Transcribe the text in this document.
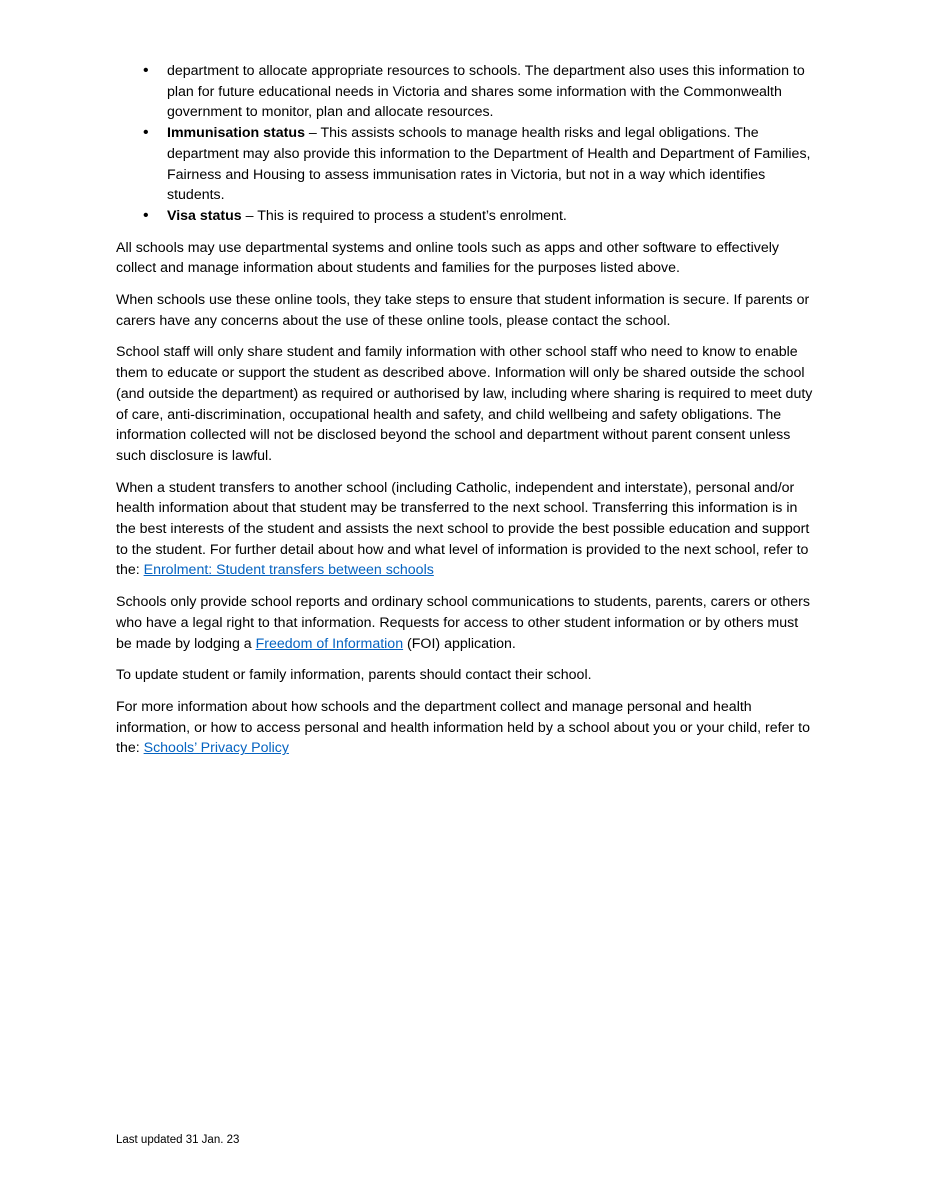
• department to allocate appropriate resources to schools. The department also uses this information to plan for future educational needs in Victoria and shares some information with the Commonwealth government to monitor, plan and allocate resources.
• Immunisation status – This assists schools to manage health risks and legal obligations. The department may also provide this information to the Department of Health and Department of Families, Fairness and Housing to assess immunisation rates in Victoria, but not in a way which identifies students.
• Visa status – This is required to process a student’s enrolment.

All schools may use departmental systems and online tools such as apps and other software to effectively collect and manage information about students and families for the purposes listed above.

When schools use these online tools, they take steps to ensure that student information is secure. If parents or carers have any concerns about the use of these online tools, please contact the school.

School staff will only share student and family information with other school staff who need to know to enable them to educate or support the student as described above. Information will only be shared outside the school (and outside the department) as required or authorised by law, including where sharing is required to meet duty of care, anti-discrimination, occupational health and safety, and child wellbeing and safety obligations. The information collected will not be disclosed beyond the school and department without parent consent unless such disclosure is lawful.

When a student transfers to another school (including Catholic, independent and interstate), personal and/or health information about that student may be transferred to the next school. Transferring this information is in the best interests of the student and assists the next school to provide the best possible education and support to the student. For further detail about how and what level of information is provided to the next school, refer to the: Enrolment: Student transfers between schools

Schools only provide school reports and ordinary school communications to students, parents, carers or others who have a legal right to that information. Requests for access to other student information or by others must be made by lodging a Freedom of Information (FOI) application.

To update student or family information, parents should contact their school.

For more information about how schools and the department collect and manage personal and health information, or how to access personal and health information held by a school about you or your child, refer to the: Schools’ Privacy Policy

Last updated 31 Jan. 23
